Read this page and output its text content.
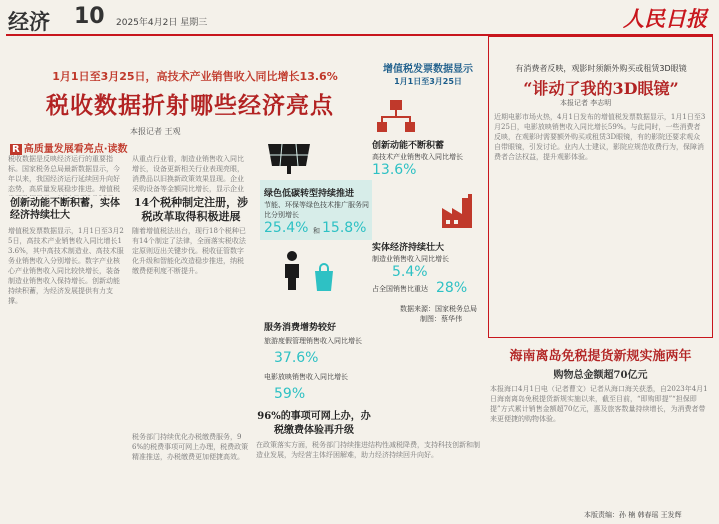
经济 10 2025年4月2日 星期三	人民日报
1月1日至3月25日，高技术产业销售收入同比增长13.6%
税收数据折射哪些经济亮点
本报记者 王观
R 高质量发展看亮点·读数
税收数据是反映经济运行的重要指标。国家税务总局最新数据显示，今年以来，我国经济运行延续回升向好态势，高质量发展稳步推进。增值税
创新动能不断积蓄，实体经济持续壮大
增值税发票数据显示，1月1日至3月25日，高技术产业销售收入同比增长13.6%，其中高技术制造业、高技术服务业销售收入分别增长。数字产业核心产业销售收入同比较快增长，装备制造业销售收入保持增长。创新动能持续积蓄，为经济发展提供有力支撑。
从重点行业看，制造业销售收入同比增长，设备更新相关行业表现亮眼，消费品以旧换新政策效果显现。企业采购设备等金额同比增长，显示企业
14个税种制定注册，涉税改革取得积极进展
随着增值税法出台，现行18个税种已有14个制定了法律，全面落实税收法定原则迈出关键步伐。税收征管数字化升级和智能化改造稳步推进，纳税缴费便利度不断提升。
96%的事项可网上办，办税缴费体验再升级
税务部门持续优化办税缴费服务，96%的税费事项可网上办理，税费政策精准推送，办税缴费更加便捷高效。
在政策落实方面，税务部门持续推进结构性减税降费，支持科技创新和制造业发展，为经营主体纾困解难，助力经济持续回升向好。
增值税发票数据显示
1月1日至3月25日
创新动能不断积蓄
高技术产业销售收入同比增长
13.6%
绿色低碳转型持续推进
节能、环保等绿色技术推广服务同比分别增长
25.4% 和 15.8%
实体经济持续壮大
制造业销售收入同比增长
5.4%
占全国销售比重达 28%
服务消费增势较好
旅游度假管理销售收入同比增长
37.6%
电影放映销售收入同比增长
59%
数据来源：国家税务总局
制图：蔡华伟
有消费者反映，观影时须额外购买或租赁3D眼镜
“诽动了我的3D眼镜”
本报记者 李志明
近期电影市场火热，4月1日发布的增值税发票数据显示，1月1日至3月25日，电影放映销售收入同比增长59%。与此同时，一些消费者反映，在观影时需要额外购买或租赁3D眼镜，有的影院还要求观众自带眼镜，引发讨论。业内人士建议，影院应规范收费行为，保障消费者合法权益，提升观影体验。
海南离岛免税提货新规实施两年
购物总金额超70亿元
本报海口4月1日电（记者曹文）记者从海口海关获悉，自2023年4月1日海南离岛免税提货新规实施以来，截至目前，“即购即提”“担保即提”方式累计销售金额超70亿元，惠及旅客数量持续增长，为消费者带来更便捷的购物体验。
本版责编：孙 楠 韩春瑶 王发辉
